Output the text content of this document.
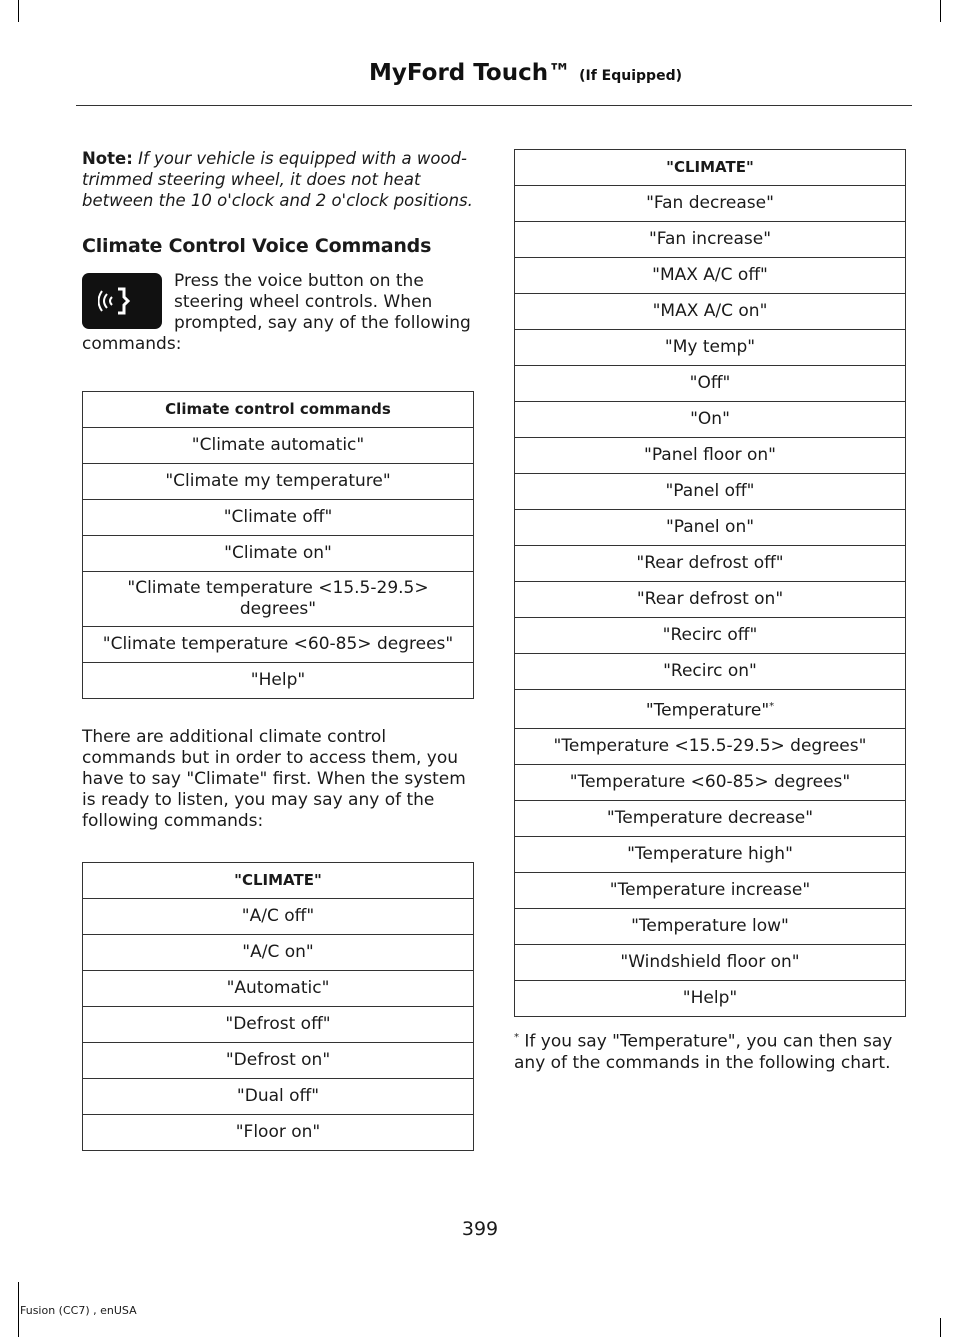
MyFord Touch™ (If Equipped)

Note: If your vehicle is equipped with a wood-trimmed steering wheel, it does not heat between the 10 o'clock and 2 o'clock positions.

Climate Control Voice Commands
Press the voice button on the steering wheel controls. When prompted, say any of the following commands:
Climate control commands
"Climate automatic"
"Climate my temperature"
"Climate off"
"Climate on"
"Climate temperature <15.5-29.5> degrees"
"Climate temperature <60-85> degrees"
"Help"

There are additional climate control commands but in order to access them, you have to say "Climate" first. When the system is ready to listen, you may say any of the following commands:

"CLIMATE"
"A/C off"
"A/C on"
"Automatic"
"Defrost off"
"Defrost on"
"Dual off"
"Floor on"
"CLIMATE"
"Fan decrease"
"Fan increase"
"MAX A/C off"
"MAX A/C on"
"My temp"
"Off"
"On"
"Panel floor on"
"Panel off"
"Panel on"
"Rear defrost off"
"Rear defrost on"
"Recirc off"
"Recirc on"
"Temperature"*
"Temperature <15.5-29.5> degrees"
"Temperature <60-85> degrees"
"Temperature decrease"
"Temperature high"
"Temperature increase"
"Temperature low"
"Windshield floor on"
"Help"
* If you say "Temperature", you can then say any of the commands in the following chart.
399
Fusion (CC7) , enUSA
